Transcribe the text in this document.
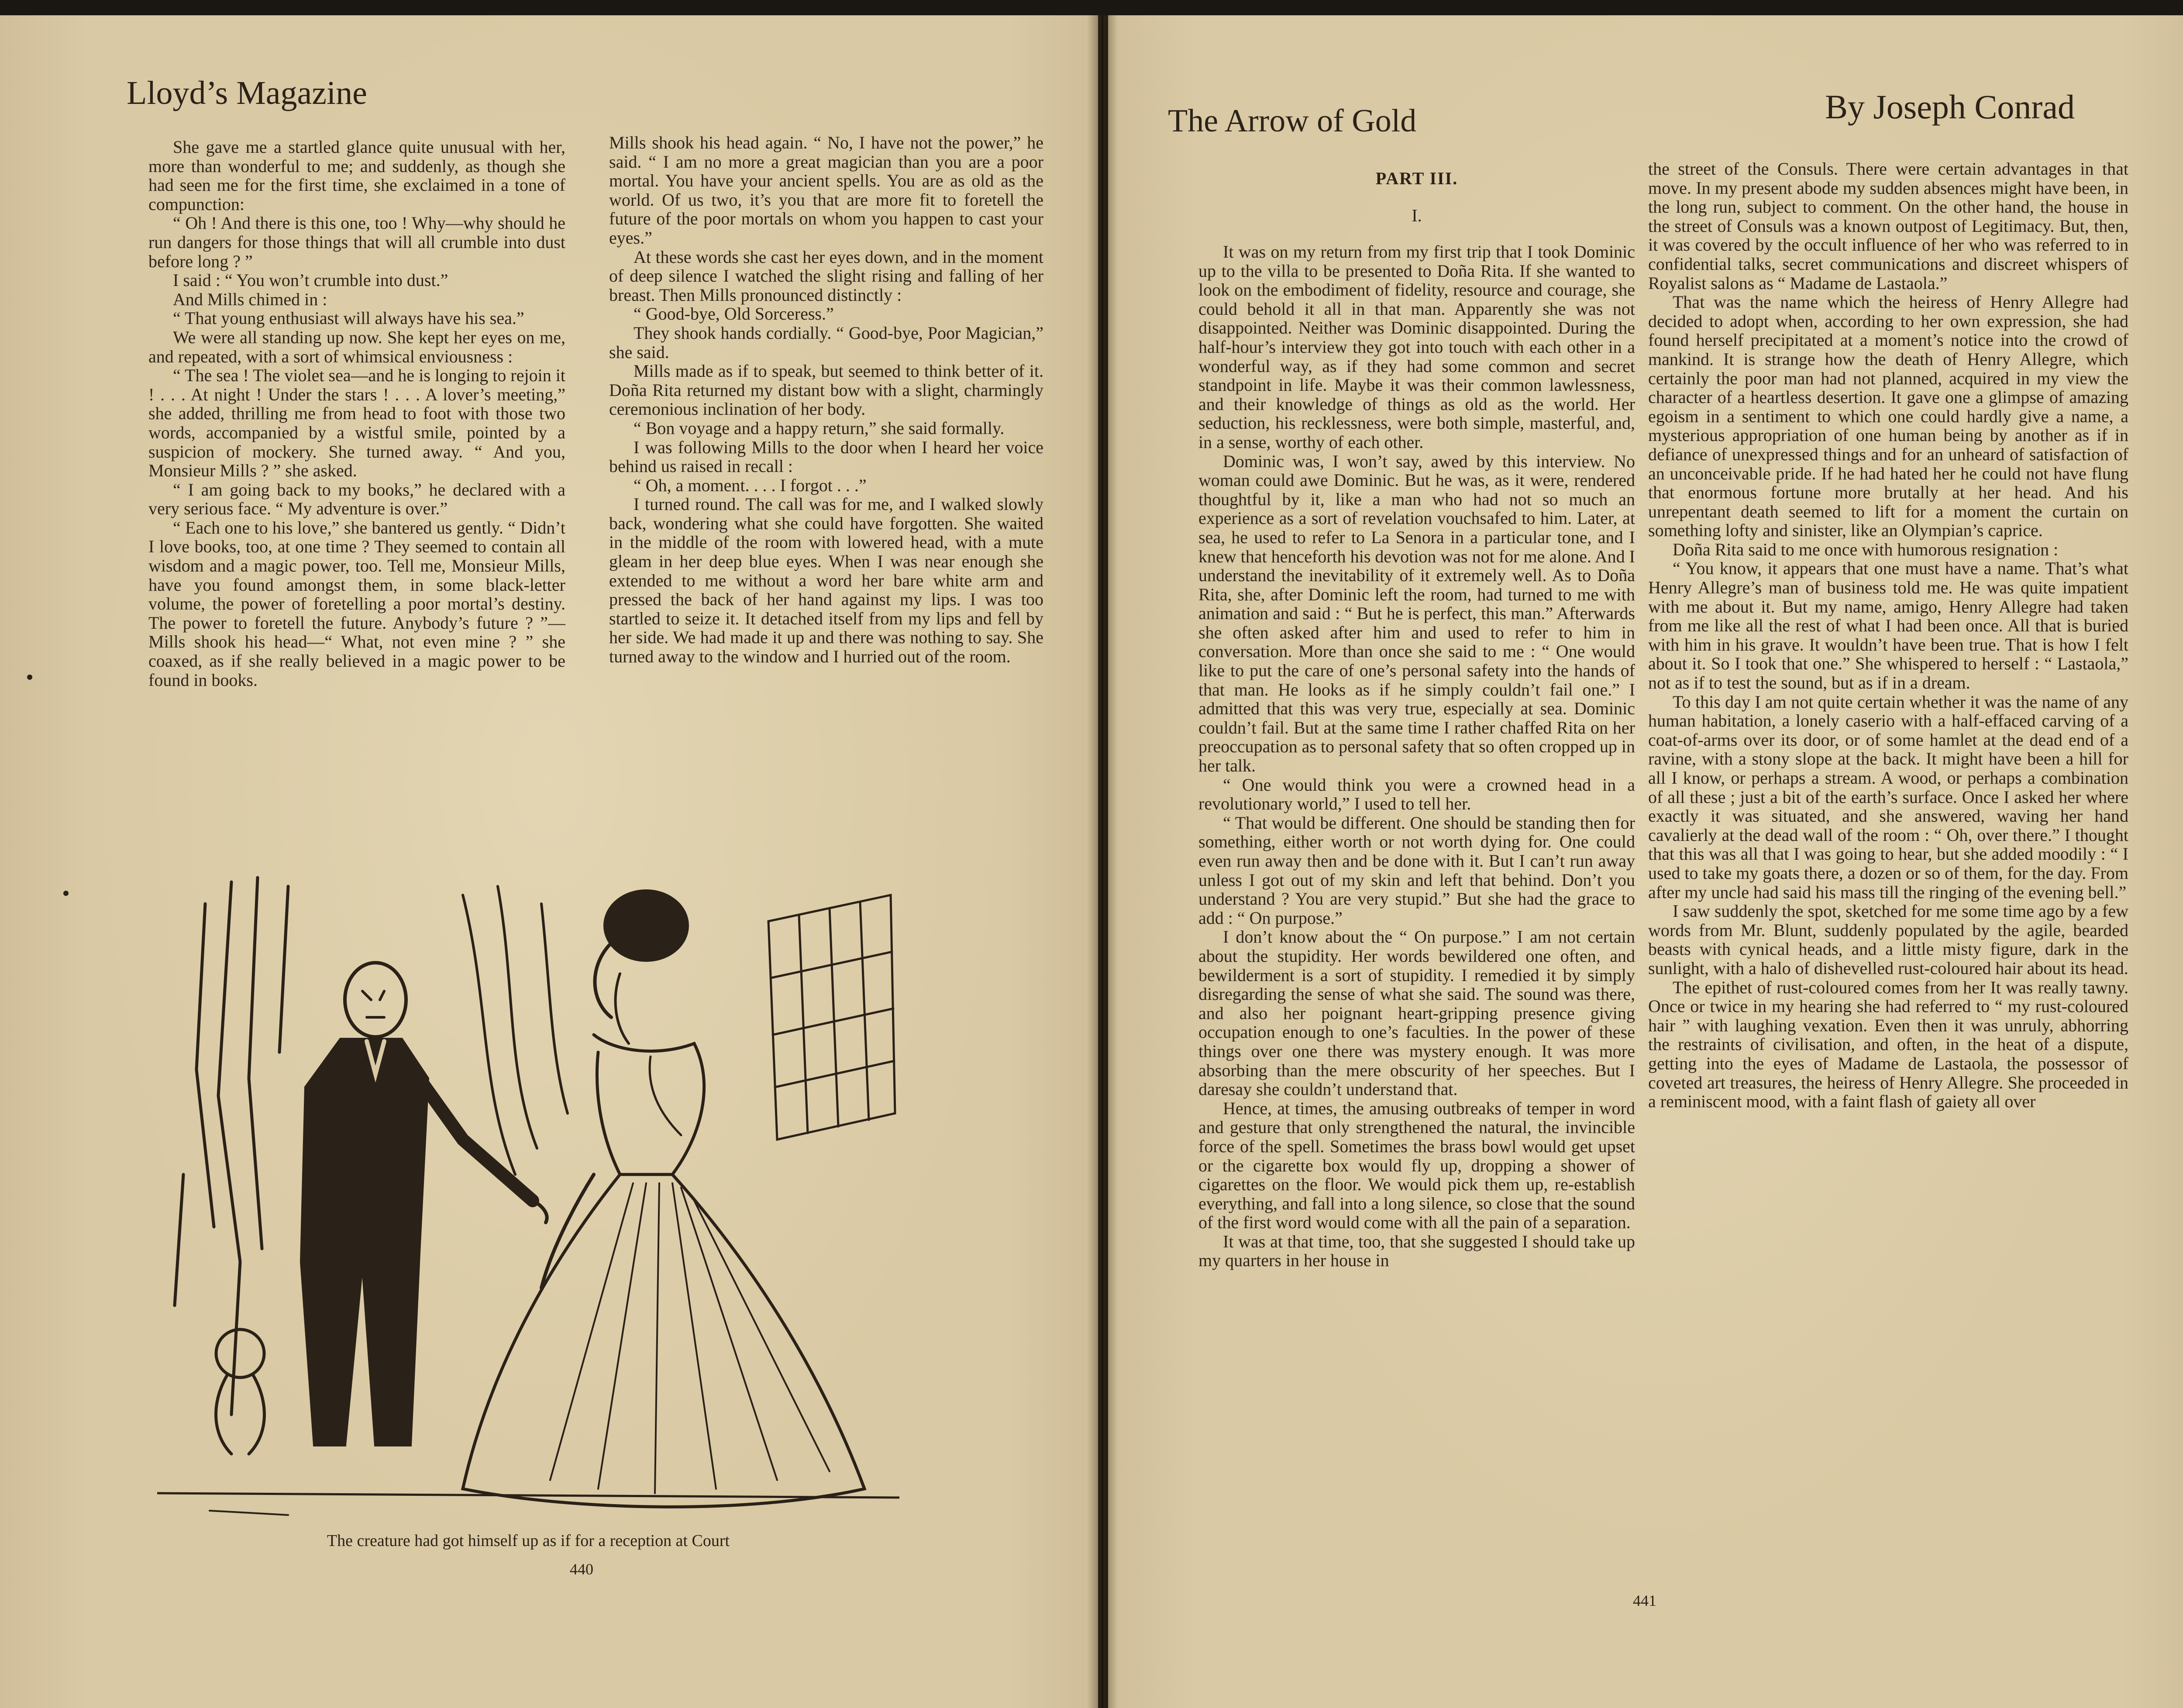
Lloyd’s Magazine

She gave me a startled glance quite unusual with her, more than wonderful to me; and suddenly, as though she had seen me for the first time, she exclaimed in a tone of compunction:

“ Oh ! And there is this one, too ! Why—why should he run dangers for those things that will all crumble into dust before long ? ”

I said : “ You won’t crumble into dust.”

And Mills chimed in :

“ That young enthusiast will always have his sea.”

We were all standing up now. She kept her eyes on me, and repeated, with a sort of whimsical enviousness :

“ The sea ! The violet sea—and he is longing to rejoin it ! . . . At night ! Under the stars ! . . . A lover’s meeting,” she added, thrilling me from head to foot with those two words, accompanied by a wistful smile, pointed by a suspicion of mockery. She turned away. “ And you, Monsieur Mills ? ” she asked.

“ I am going back to my books,” he declared with a very serious face. “ My adventure is over.”

“ Each one to his love,” she bantered us gently. “ Didn’t I love books, too, at one time ? They seemed to contain all wisdom and a magic power, too. Tell me, Monsieur Mills, have you found amongst them, in some black-letter volume, the power of foretelling a poor mortal’s destiny. The power to foretell the future. Anybody’s future ? ”—Mills shook his head—“ What, not even mine ? ” she coaxed, as if she really believed in a magic power to be found in books.

Mills shook his head again. “ No, I have not the power,” he said. “ I am no more a great magician than you are a poor mortal. You have your ancient spells. You are as old as the world. Of us two, it’s you that are more fit to foretell the future of the poor mortals on whom you happen to cast your eyes.”

At these words she cast her eyes down, and in the moment of deep silence I watched the slight rising and falling of her breast. Then Mills pronounced distinctly :

“ Good-bye, Old Sorceress.”

They shook hands cordially. “ Good-bye, Poor Magician,” she said.

Mills made as if to speak, but seemed to think better of it. Doña Rita returned my distant bow with a slight, charmingly ceremonious inclination of her body.

“ Bon voyage and a happy return,” she said formally.

I was following Mills to the door when I heard her voice behind us raised in recall :

“ Oh, a moment. . . . I forgot . . .”

I turned round. The call was for me, and I walked slowly back, wondering what she could have forgotten. She waited in the middle of the room with lowered head, with a mute gleam in her deep blue eyes. When I was near enough she extended to me without a word her bare white arm and pressed the back of her hand against my lips. I was too startled to seize it. It detached itself from my lips and fell by her side. We had made it up and there was nothing to say. She turned away to the window and I hurried out of the room.

The creature had got himself up as if for a reception at Court
440
The Arrow of Gold	By Joseph Conrad
PART III.
I.

It was on my return from my first trip that I took Dominic up to the villa to be presented to Doña Rita. If she wanted to look on the embodiment of fidelity, resource and courage, she could behold it all in that man. Apparently she was not disappointed. Neither was Dominic disappointed. During the half-hour’s interview they got into touch with each other in a wonderful way, as if they had some common and secret standpoint in life. Maybe it was their common lawlessness, and their knowledge of things as old as the world. Her seduction, his recklessness, were both simple, masterful, and, in a sense, worthy of each other.

Dominic was, I won’t say, awed by this interview. No woman could awe Dominic. But he was, as it were, rendered thoughtful by it, like a man who had not so much an experience as a sort of revelation vouchsafed to him. Later, at sea, he used to refer to La Senora in a particular tone, and I knew that henceforth his devotion was not for me alone. And I understand the inevitability of it extremely well. As to Doña Rita, she, after Dominic left the room, had turned to me with animation and said : “ But he is perfect, this man.” Afterwards she often asked after him and used to refer to him in conversation. More than once she said to me : “ One would like to put the care of one’s personal safety into the hands of that man. He looks as if he simply couldn’t fail one.” I admitted that this was very true, especially at sea. Dominic couldn’t fail. But at the same time I rather chaffed Rita on her preoccupation as to personal safety that so often cropped up in her talk.

“ One would think you were a crowned head in a revolutionary world,” I used to tell her.

“ That would be different. One should be standing then for something, either worth or not worth dying for. One could even run away then and be done with it. But I can’t run away unless I got out of my skin and left that behind. Don’t you understand ? You are very stupid.” But she had the grace to add : “ On purpose.”

I don’t know about the “ On purpose.” I am not certain about the stupidity. Her words bewildered one often, and bewilderment is a sort of stupidity. I remedied it by simply disregarding the sense of what she said. The sound was there, and also her poignant heart-gripping presence giving occupation enough to one’s faculties. In the power of these things over one there was mystery enough. It was more absorbing than the mere obscurity of her speeches. But I daresay she couldn’t understand that.

Hence, at times, the amusing outbreaks of temper in word and gesture that only strengthened the natural, the invincible force of the spell. Sometimes the brass bowl would get upset or the cigarette box would fly up, dropping a shower of cigarettes on the floor. We would pick them up, re-establish everything, and fall into a long silence, so close that the sound of the first word would come with all the pain of a separation.

It was at that time, too, that she suggested I should take up my quarters in her house in

the street of the Consuls. There were certain advantages in that move. In my present abode my sudden absences might have been, in the long run, subject to comment. On the other hand, the house in the street of Consuls was a known outpost of Legitimacy. But, then, it was covered by the occult influence of her who was referred to in confidential talks, secret communications and discreet whispers of Royalist salons as “ Madame de Lastaola.”

That was the name which the heiress of Henry Allegre had decided to adopt when, according to her own expression, she had found herself precipitated at a moment’s notice into the crowd of mankind. It is strange how the death of Henry Allegre, which certainly the poor man had not planned, acquired in my view the character of a heartless desertion. It gave one a glimpse of amazing egoism in a sentiment to which one could hardly give a name, a mysterious appropriation of one human being by another as if in defiance of unexpressed things and for an unheard of satisfaction of an unconceivable pride. If he had hated her he could not have flung that enormous fortune more brutally at her head. And his unrepentant death seemed to lift for a moment the curtain on something lofty and sinister, like an Olympian’s caprice.

Doña Rita said to me once with humorous resignation :

“ You know, it appears that one must have a name. That’s what Henry Allegre’s man of business told me. He was quite impatient with me about it. But my name, amigo, Henry Allegre had taken from me like all the rest of what I had been once. All that is buried with him in his grave. It wouldn’t have been true. That is how I felt about it. So I took that one.” She whispered to herself : “ Lastaola,” not as if to test the sound, but as if in a dream.

To this day I am not quite certain whether it was the name of any human habitation, a lonely caserio with a half-effaced carving of a coat-of-arms over its door, or of some hamlet at the dead end of a ravine, with a stony slope at the back. It might have been a hill for all I know, or perhaps a stream. A wood, or perhaps a combination of all these ; just a bit of the earth’s surface. Once I asked her where exactly it was situated, and she answered, waving her hand cavalierly at the dead wall of the room : “ Oh, over there.” I thought that this was all that I was going to hear, but she added moodily : “ I used to take my goats there, a dozen or so of them, for the day. From after my uncle had said his mass till the ringing of the evening bell.”

I saw suddenly the spot, sketched for me some time ago by a few words from Mr. Blunt, suddenly populated by the agile, bearded beasts with cynical heads, and a little misty figure, dark in the sunlight, with a halo of dishevelled rust-coloured hair about its head.

The epithet of rust-coloured comes from her It was really tawny. Once or twice in my hearing she had referred to “ my rust-coloured hair ” with laughing vexation. Even then it was unruly, abhorring the restraints of civilisation, and often, in the heat of a dispute, getting into the eyes of Madame de Lastaola, the possessor of coveted art treasures, the heiress of Henry Allegre. She proceeded in a reminiscent mood, with a faint flash of gaiety all over

441
